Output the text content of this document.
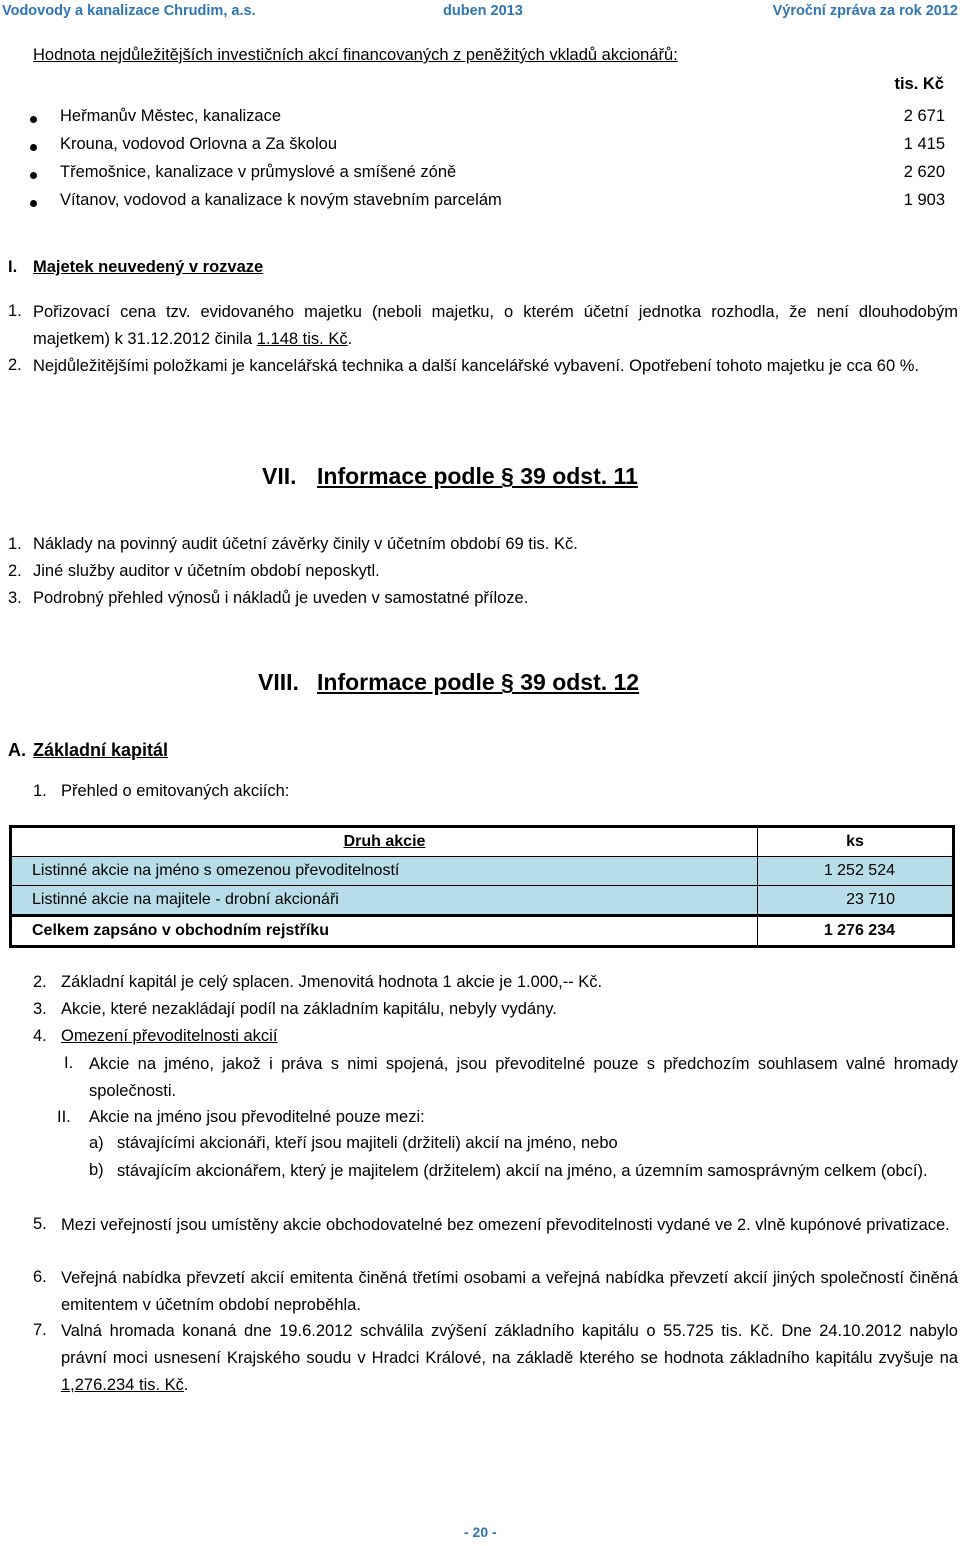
Vodovody a kanalizace Chrudim, a.s.	duben 2013	Výroční zpráva za rok 2012
Hodnota nejdůležitějších investičních akcí financovaných z peněžitých vkladů akcionářů:
tis. Kč
Heřmanův Městec, kanalizace	2 671
Krouna, vodovod Orlovna a Za školou	1 415
Třemošnice, kanalizace v průmyslové a smíšené zóně	2 620
Vítanov, vodovod a kanalizace k novým stavebním parcelám	1 903
I. Majetek neuvedený v rozvaze
1. Pořizovací cena tzv. evidovaného majetku (neboli majetku, o kterém účetní jednotka rozhodla, že není dlouhodobým majetkem) k 31.12.2012 činila 1.148 tis. Kč.
2. Nejdůležitějšími položkami je kancelářská technika a další kancelářské vybavení. Opotřebení tohoto majetku je cca 60 %.
VII. Informace podle § 39 odst. 11
1. Náklady na povinný audit účetní závěrky činily v účetním období 69 tis. Kč.
2. Jiné služby auditor v účetním období neposkytl.
3. Podrobný přehled výnosů i nákladů je uveden v samostatné příloze.
VIII. Informace podle § 39 odst. 12
A. Základní kapitál
1. Přehled o emitovaných akciích:
Druh akcie	ks
Listinné akcie na jméno s omezenou převoditelností	1 252 524
Listinné akcie na majitele - drobní akcionáři	23 710
Celkem zapsáno v obchodním rejstříku	1 276 234
2. Základní kapitál je celý splacen. Jmenovitá hodnota 1 akcie je 1.000,-- Kč.
3. Akcie, které nezakládají podíl na základním kapitálu, nebyly vydány.
4. Omezení převoditelnosti akcií
I. Akcie na jméno, jakož i práva s nimi spojená, jsou převoditelné pouze s předchozím souhlasem valné hromady společnosti.
II. Akcie na jméno jsou převoditelné pouze mezi:
a) stávajícími akcionáři, kteří jsou majiteli (držiteli) akcií na jméno, nebo
b) stávajícím akcionářem, který je majitelem (držitelem) akcií na jméno, a územním samosprávným celkem (obcí).
5. Mezi veřejností jsou umístěny akcie obchodovatelné bez omezení převoditelnosti vydané ve 2. vlně kupónové privatizace.
6. Veřejná nabídka převzetí akcií emitenta činěná třetími osobami a veřejná nabídka převzetí akcií jiných společností činěná emitentem v účetním období neproběhla.
7. Valná hromada konaná dne 19.6.2012 schválila zvýšení základního kapitálu o 55.725 tis. Kč. Dne 24.10.2012 nabylo právní moci usnesení Krajského soudu v Hradci Králové, na základě kterého se hodnota základního kapitálu zvyšuje na 1,276.234 tis. Kč.
- 20 -
